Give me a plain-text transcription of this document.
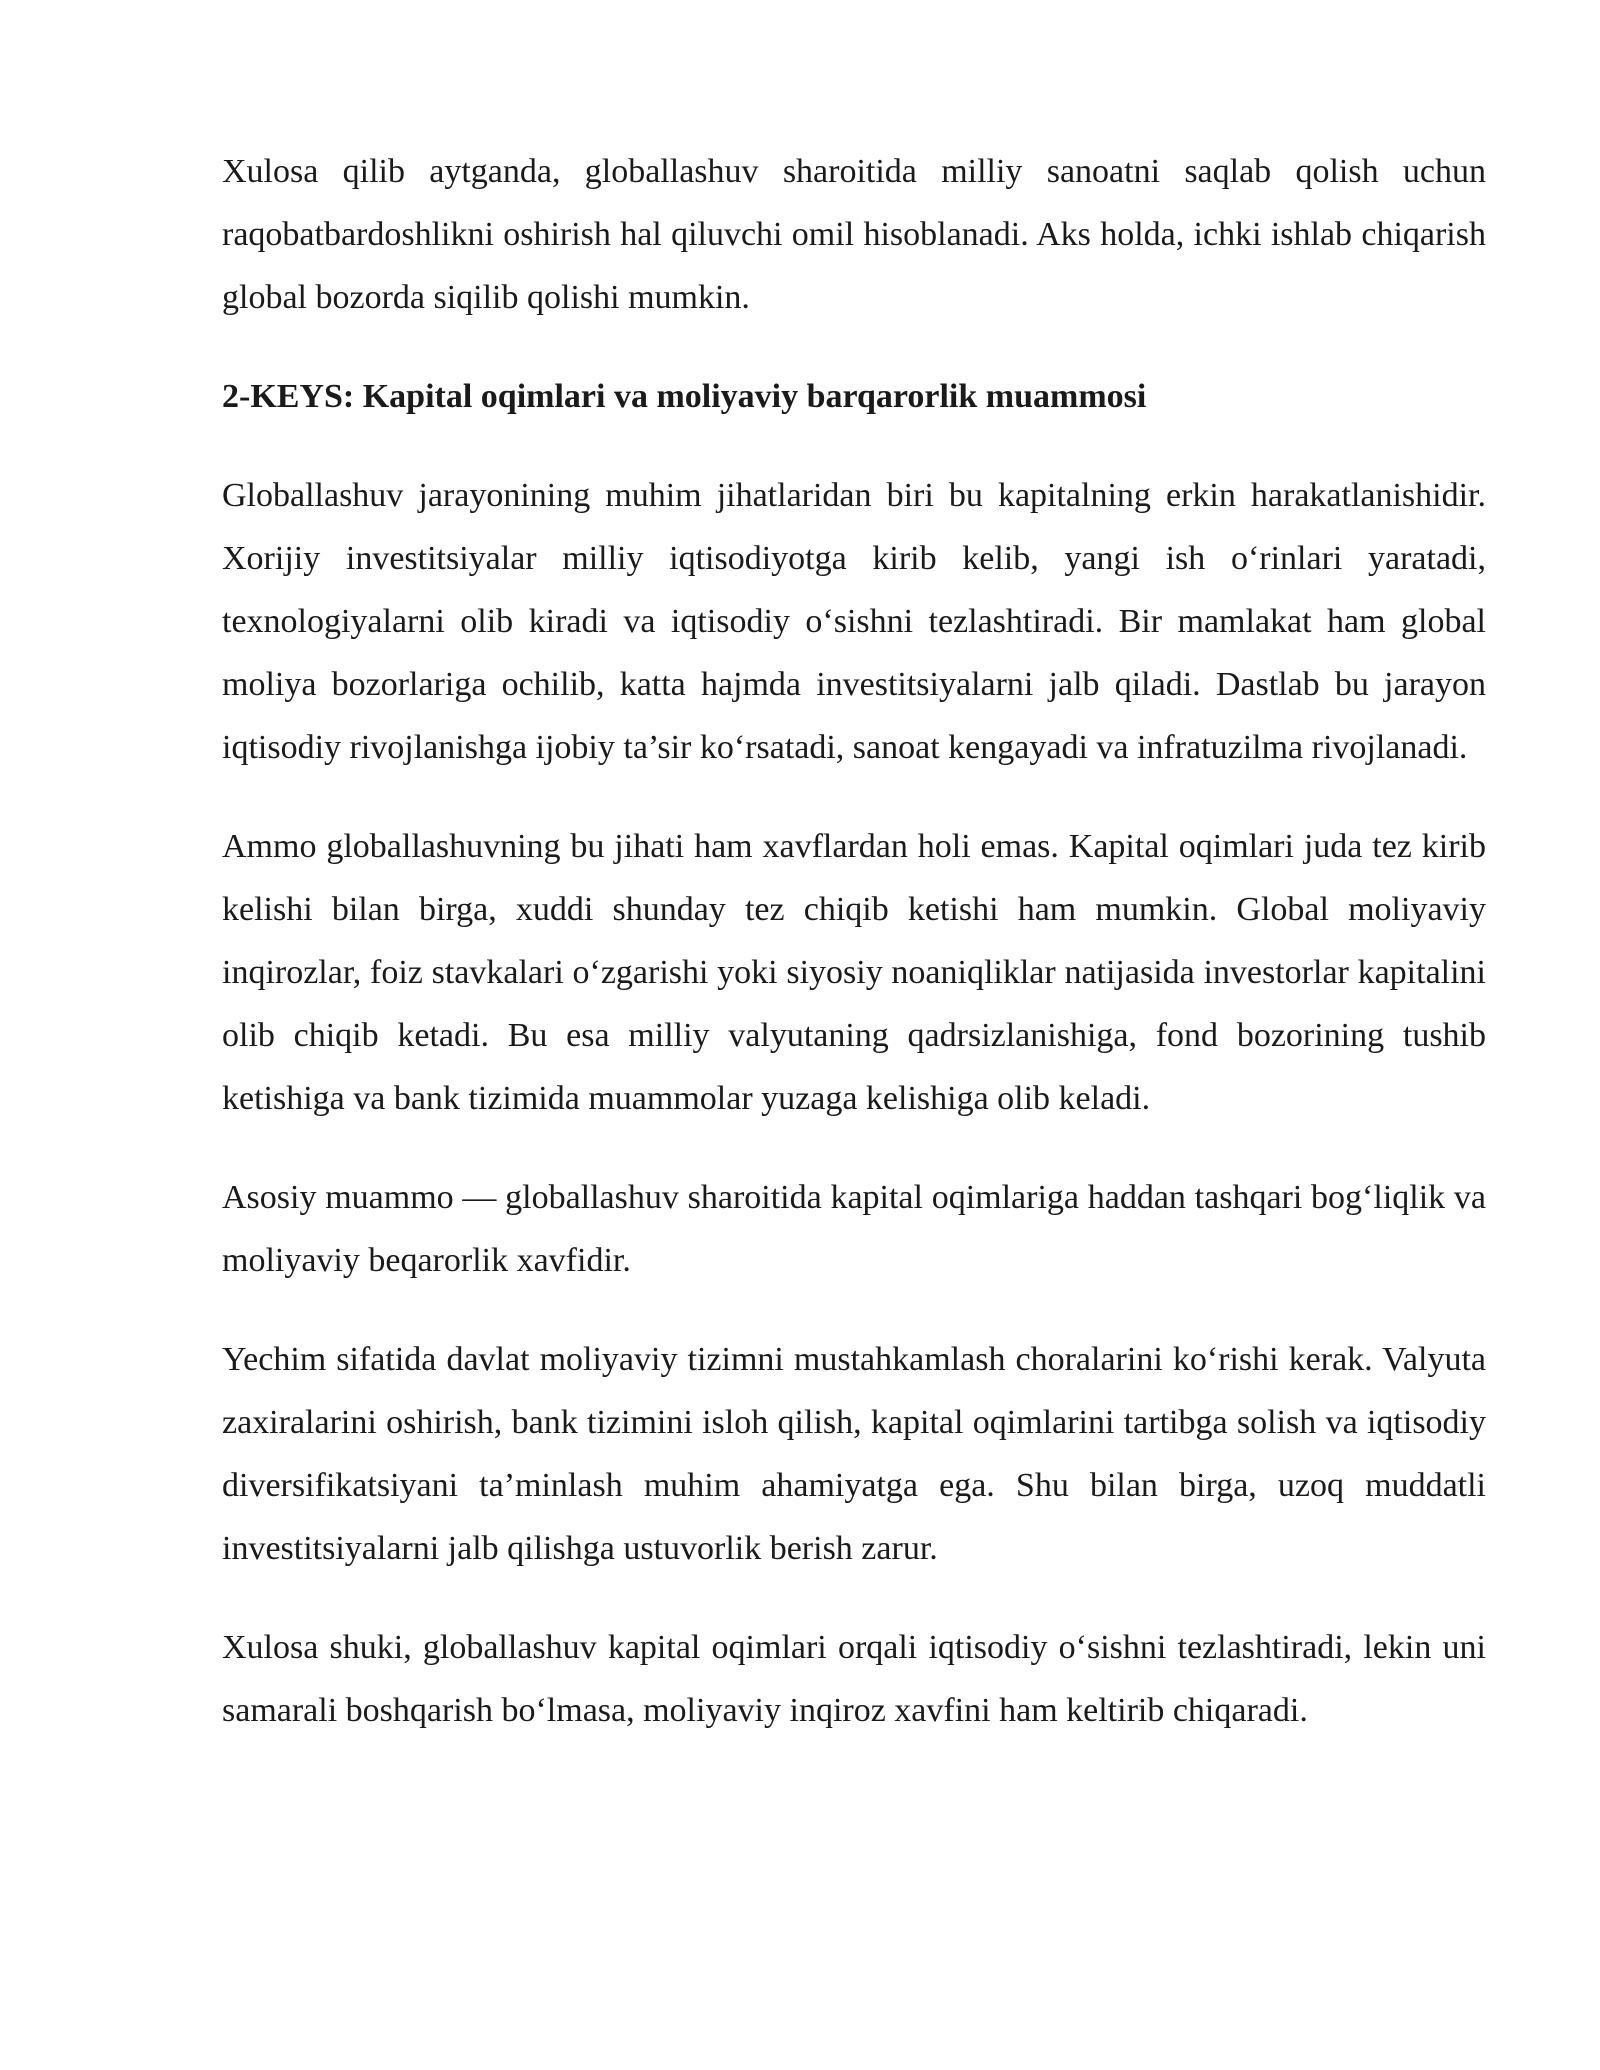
Xulosa qilib aytganda, globallashuv sharoitida milliy sanoatni saqlab qolish uchun raqobatbardoshlikni oshirish hal qiluvchi omil hisoblanadi. Aks holda, ichki ishlab chiqarish global bozorda siqilib qolishi mumkin.

2-KEYS: Kapital oqimlari va moliyaviy barqarorlik muammosi

Globallashuv jarayonining muhim jihatlaridan biri bu kapitalning erkin harakatlanishidir. Xorijiy investitsiyalar milliy iqtisodiyotga kirib kelib, yangi ish o‘rinlari yaratadi, texnologiyalarni olib kiradi va iqtisodiy o‘sishni tezlashtiradi. Bir mamlakat ham global moliya bozorlariga ochilib, katta hajmda investitsiyalarni jalb qiladi. Dastlab bu jarayon iqtisodiy rivojlanishga ijobiy ta’sir ko‘rsatadi, sanoat kengayadi va infratuzilma rivojlanadi.

Ammo globallashuvning bu jihati ham xavflardan holi emas. Kapital oqimlari juda tez kirib kelishi bilan birga, xuddi shunday tez chiqib ketishi ham mumkin. Global moliyaviy inqirozlar, foiz stavkalari o‘zgarishi yoki siyosiy noaniqliklar natijasida investorlar kapitalini olib chiqib ketadi. Bu esa milliy valyutaning qadrsizlanishiga, fond bozorining tushib ketishiga va bank tizimida muammolar yuzaga kelishiga olib keladi.

Asosiy muammo — globallashuv sharoitida kapital oqimlariga haddan tashqari bog‘liqlik va moliyaviy beqarorlik xavfidir.

Yechim sifatida davlat moliyaviy tizimni mustahkamlash choralarini ko‘rishi kerak. Valyuta zaxiralarini oshirish, bank tizimini isloh qilish, kapital oqimlarini tartibga solish va iqtisodiy diversifikatsiyani ta’minlash muhim ahamiyatga ega. Shu bilan birga, uzoq muddatli investitsiyalarni jalb qilishga ustuvorlik berish zarur.

Xulosa shuki, globallashuv kapital oqimlari orqali iqtisodiy o‘sishni tezlashtiradi, lekin uni samarali boshqarish bo‘lmasa, moliyaviy inqiroz xavfini ham keltirib chiqaradi.
